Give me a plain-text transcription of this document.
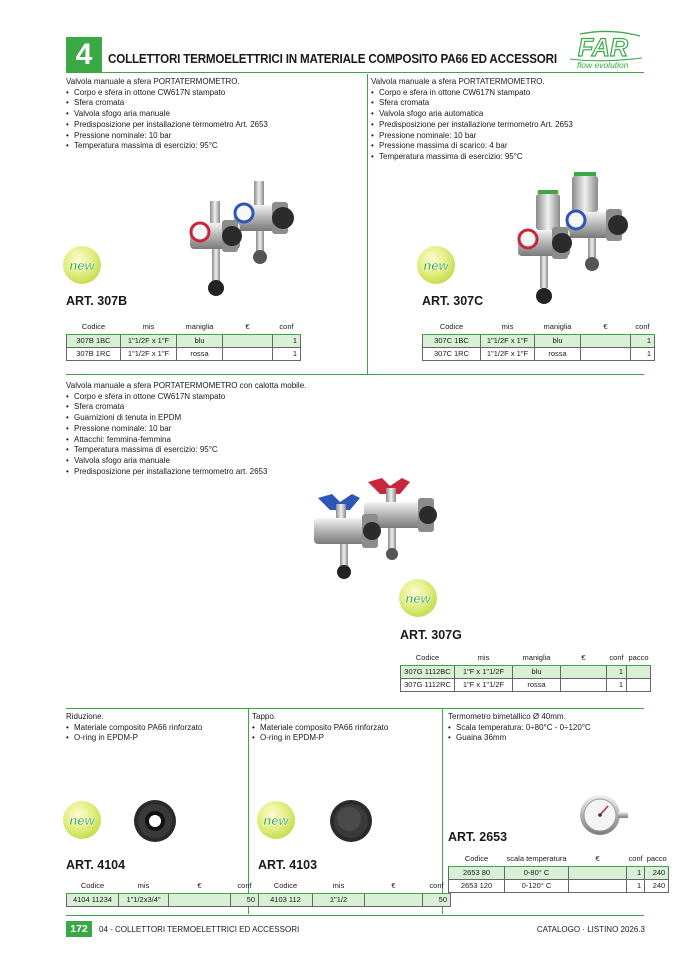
4	COLLETTORI TERMOELETTRICI IN MATERIALE COMPOSITO PA66 ED ACCESSORI FAR
flow evolution
Valvola manuale a sfera PORTATERMOMETRO.
• Corpo e sfera in ottone CW617N stampato
• Sfera cromata
• Valvola sfogo aria manuale
• Predisposizione per installazione termometro Art. 2653
• Pressione nominale: 10 bar
• Temperatura massima di esercizio: 95°C
new
ART. 307B
Codice	mis	maniglia	€	conf
307B 1BC	1"1/2F x 1"F	blu		1
307B 1RC	1"1/2F x 1"F	rossa		1
Valvola manuale a sfera PORTATERMOMETRO.
• Corpo e sfera in ottone CW617N stampato
• Sfera cromata
• Valvola sfogo aria automatica
• Predisposizione per installazione termometro Art. 2653
• Pressione nominale: 10 bar
• Pressione massima di scarico: 4 bar
• Temperatura massima di esercizio: 95°C
new
ART. 307C
Codice	mis	maniglia	€	conf
307C 1BC	1"1/2F x 1"F	blu		1
307C 1RC	1"1/2F x 1"F	rossa		1
Valvola manuale a sfera PORTATERMOMETRO con calotta mobile.
• Corpo e sfera in ottone CW617N stampato
• Sfera cromata
• Guarnizioni di tenuta in EPDM
• Pressione nominale: 10 bar
• Attacchi: femmina-femmina
• Temperatura massima di esercizio: 95°C
• Valvola sfogo aria manuale
• Predisposizione per installazione termometro art. 2653
new
ART. 307G
Codice	mis	maniglia	€	conf	pacco
307G 1112BC	1"F x 1"1/2F	blu		1	
307G 1112RC	1"F x 1"1/2F	rossa		1	
Riduzione.
• Materiale composito PA66 rinforzato
• O-ring in EPDM-P
new
ART. 4104
Codice	mis	€	conf
4104 11234	1"1/2x3/4"		50
Tappo.
• Materiale composito PA66 rinforzato
• O-ring in EPDM-P
new
ART. 4103
Codice	mis	€	conf
4103 112	1"1/2		50
Termometro bimetallico Ø 40mm.
• Scala temperatura: 0÷80°C - 0÷120°C
• Guaina 36mm
ART. 2653
Codice	scala temperatura	€	conf	pacco
2653 80	0-80° C		1	240
2653 120	0-120° C		1	240
172	04 - COLLETTORI TERMOELETTRICI ED ACCESSORI	CATALOGO · LISTINO 2026.3
